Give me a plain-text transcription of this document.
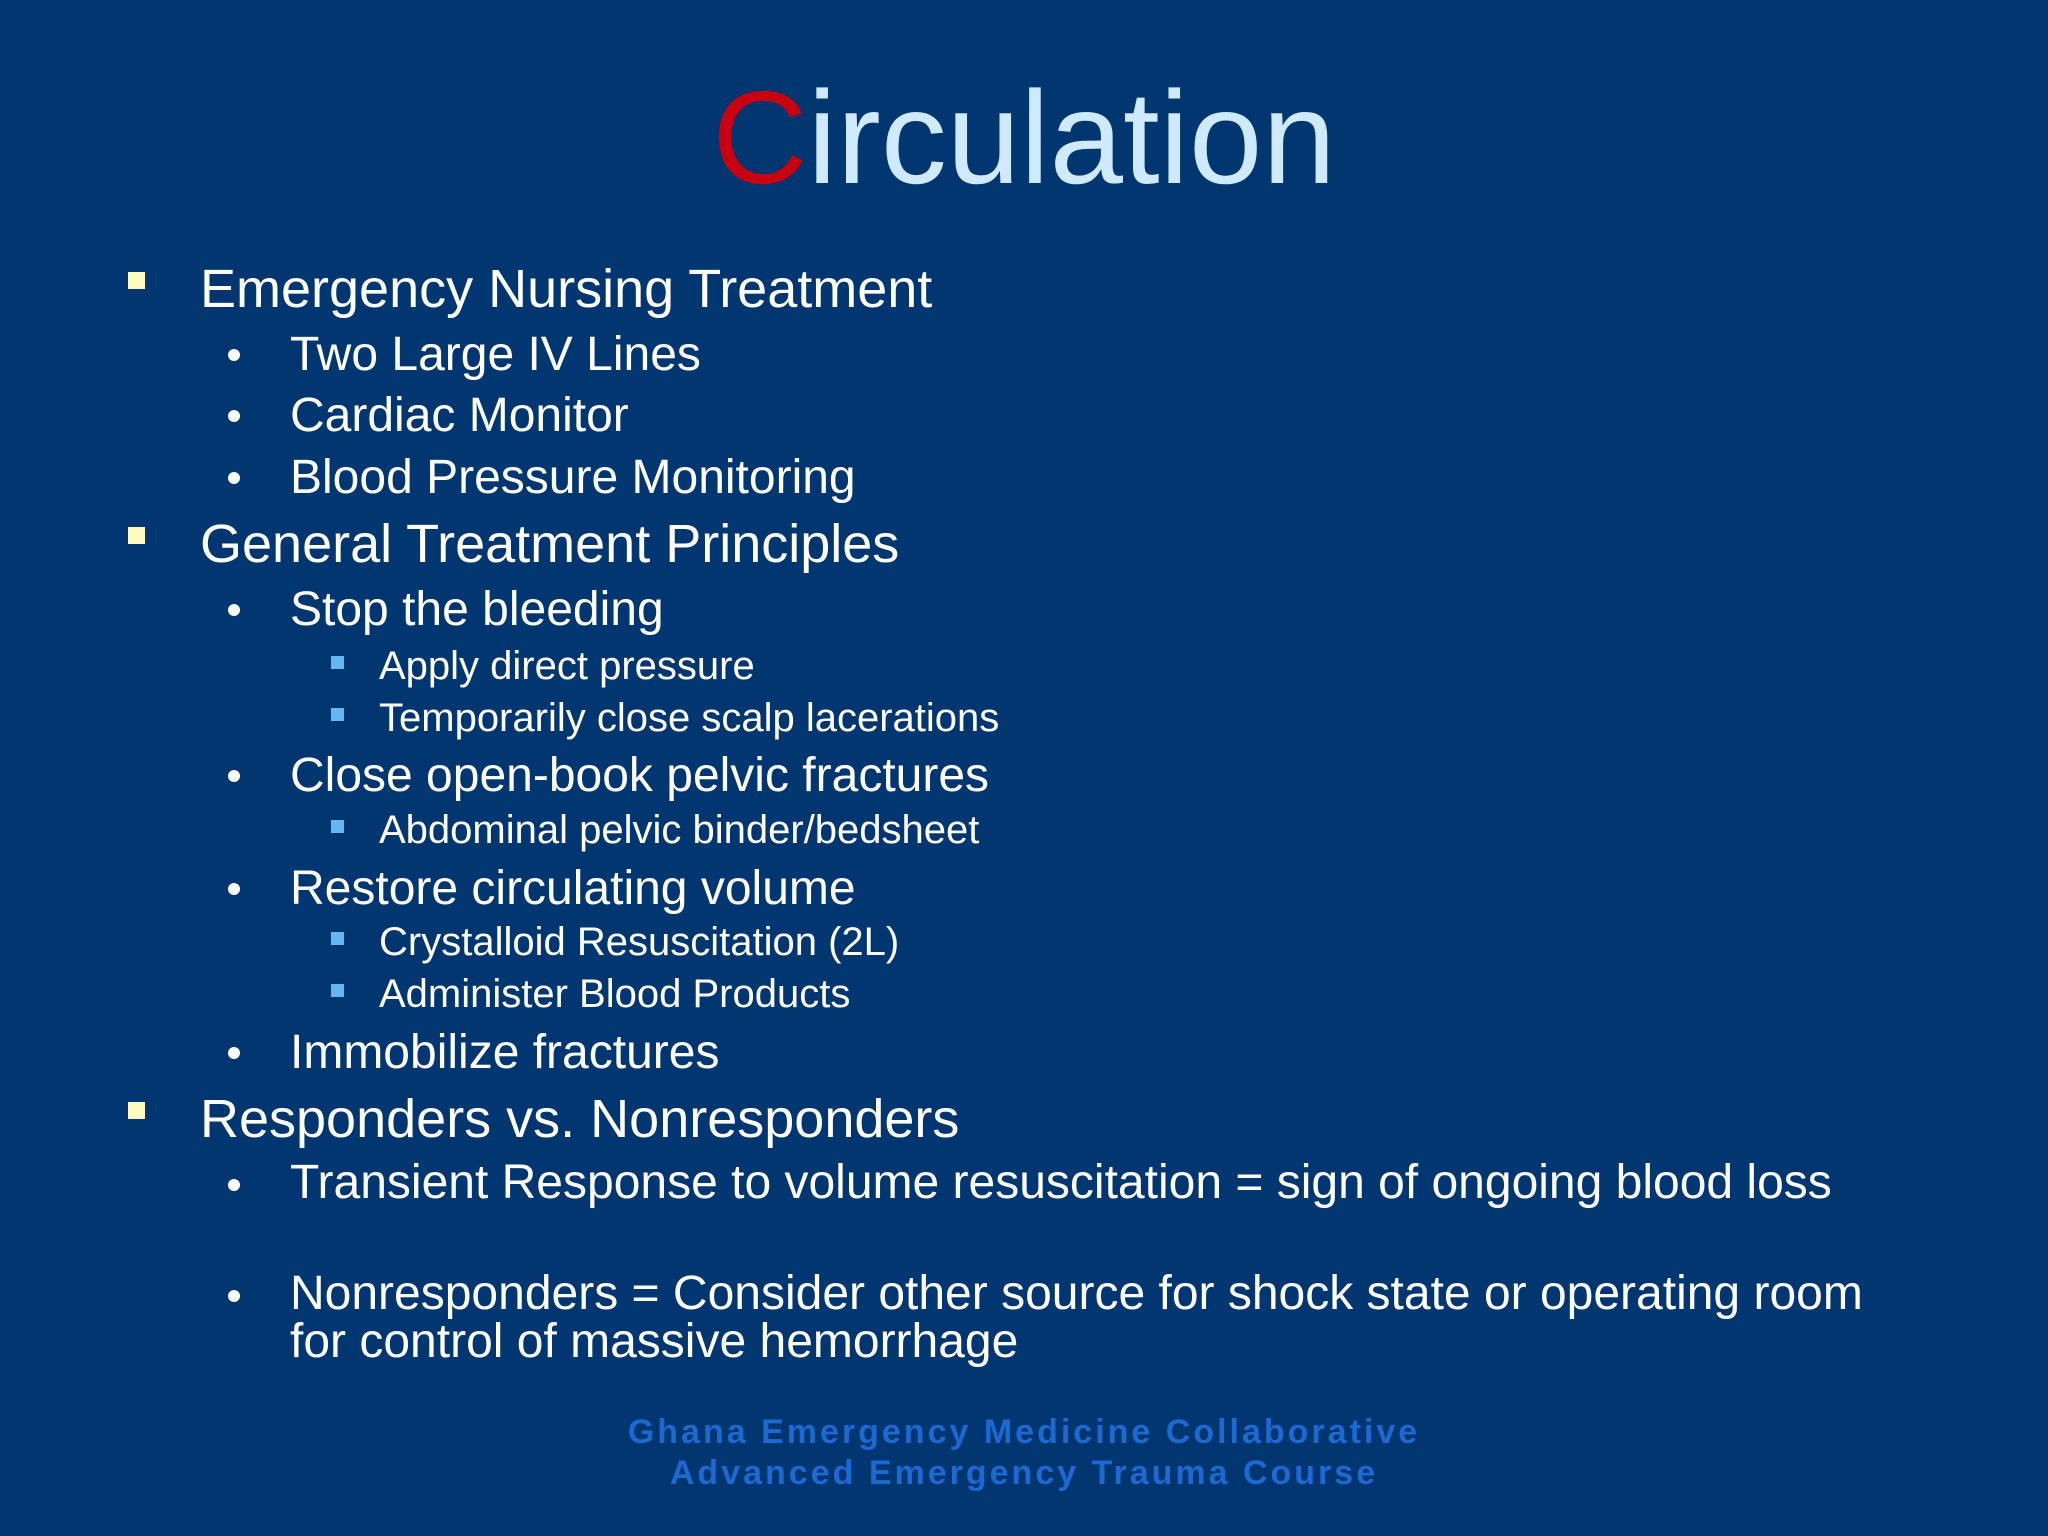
Circulation
Emergency Nursing Treatment
Two Large IV Lines
Cardiac Monitor
Blood Pressure Monitoring
General Treatment Principles
Stop the bleeding
Apply direct pressure
Temporarily close scalp lacerations
Close open-book pelvic fractures
Abdominal pelvic binder/bedsheet
Restore circulating volume
Crystalloid Resuscitation (2L)
Administer Blood Products
Immobilize fractures
Responders vs. Nonresponders
Transient Response to volume resuscitation = sign of ongoing blood loss
Nonresponders = Consider other source for shock state or operating room for control of massive hemorrhage
Ghana Emergency Medicine Collaborative
Advanced Emergency Trauma Course
